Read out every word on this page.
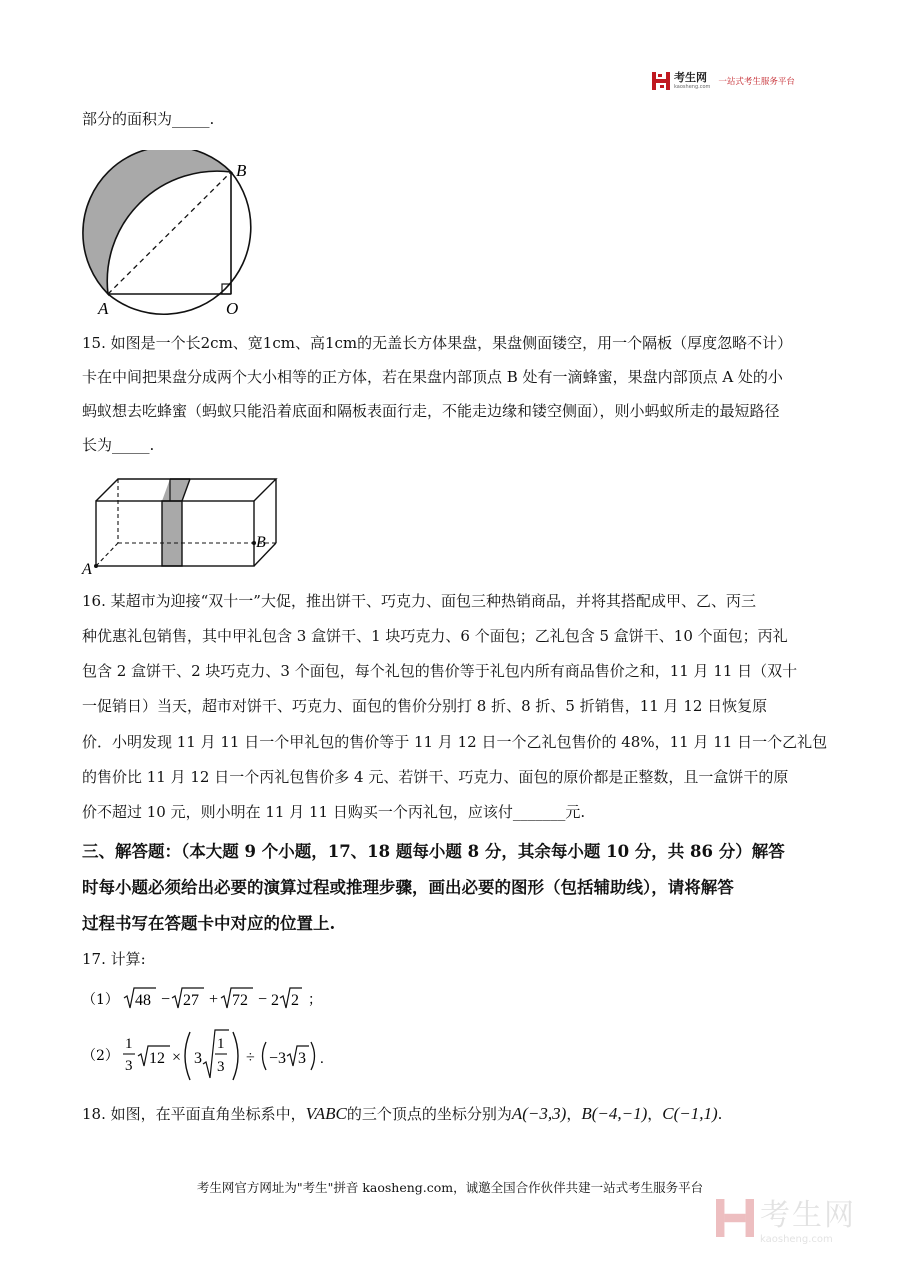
考生网
kaosheng.com 一站式考生服务平台
部分的面积为_____.
B
A	O
15. 如图是一个长2cm、宽1cm、高1cm的无盖长方体果盘，果盘侧面镂空，用一个隔板（厚度忽略不计）
卡在中间把果盘分成两个大小相等的正方体，若在果盘内部顶点 B 处有一滴蜂蜜，果盘内部顶点 A 处的小
蚂蚁想去吃蜂蜜（蚂蚁只能沿着底面和隔板表面行走，不能走边缘和镂空侧面），则小蚂蚁所走的最短路径
长为_____.
A
B
16. 某超市为迎接“双十一”大促，推出饼干、巧克力、面包三种热销商品，并将其搭配成甲、乙、丙三
种优惠礼包销售，其中甲礼包含 3 盒饼干、1 块巧克力、6 个面包；乙礼包含 5 盒饼干、10 个面包；丙礼
包含 2 盒饼干、2 块巧克力、3 个面包，每个礼包的售价等于礼包内所有商品售价之和，11 月 11 日（双十
一促销日）当天，超市对饼干、巧克力、面包的售价分别打 8 折、8 折、5 折销售，11 月 12 日恢复原
价．小明发现 11 月 11 日一个甲礼包的售价等于 11 月 12 日一个乙礼包售价的 48%，11 月 11 日一个乙礼包
的售价比 11 月 12 日一个丙礼包售价多 4 元、若饼干、巧克力、面包的原价都是正整数，且一盒饼干的原
价不超过 10 元，则小明在 11 月 11 日购买一个丙礼包，应该付_______元.
三、解答题：（本大题 9 个小题，17、18 题每小题 8 分，其余每小题 10 分，共 86 分）解答
时每小题必须给出必要的演算过程或推理步骤，画出必要的图形（包括辅助线），请将解答
过程书写在答题卡中对应的位置上.
17. 计算:
（1） 48 − 27 + 72 − 2 2 ；
（2）
1
3 12 × 3
1
3
÷ −3 3 .
18. 如图，在平面直角坐标系中，VABC的三个顶点的坐标分别为A(−3,3)，B(−4,−1)，C(−1,1).
考生网官方网址为"考生"拼音 kaosheng.com，诚邀全国合作伙伴共建一站式考生服务平台
考生网
kaosheng.com
